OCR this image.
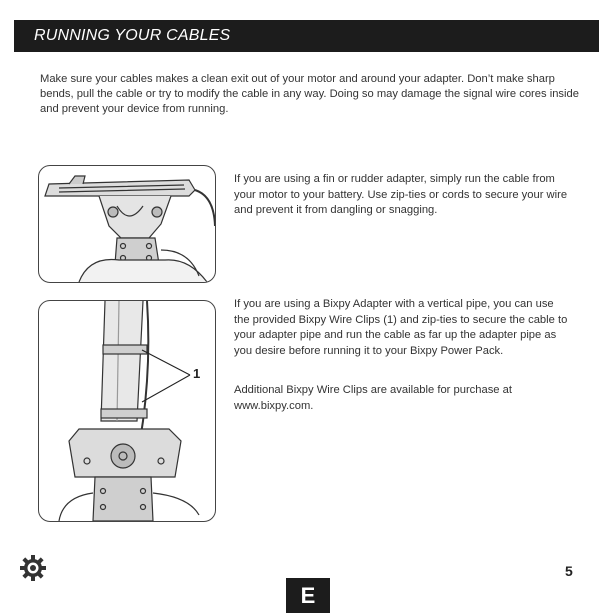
RUNNING YOUR CABLES
Make sure your cables makes a clean exit out of your motor and around your adapter. Don’t make sharp bends, pull the cable or try to modify the cable in any way. Doing so may damage the signal wire cores inside and prevent your device from running.
1
If you are using a fin or rudder adapter, simply run the cable from your motor to your battery. Use zip-ties or cords to secure your wire and prevent it from dangling or snagging.
If you are using a Bixpy Adapter with a vertical pipe, you can use the provided Bixpy Wire Clips (1) and zip-ties to secure the cable to your adapter pipe and run the cable as far up the adapter pipe as you desire before running it to your Bixpy Power Pack.
Additional Bixpy Wire Clips are available for purchase at www.bixpy.com.
5
E
